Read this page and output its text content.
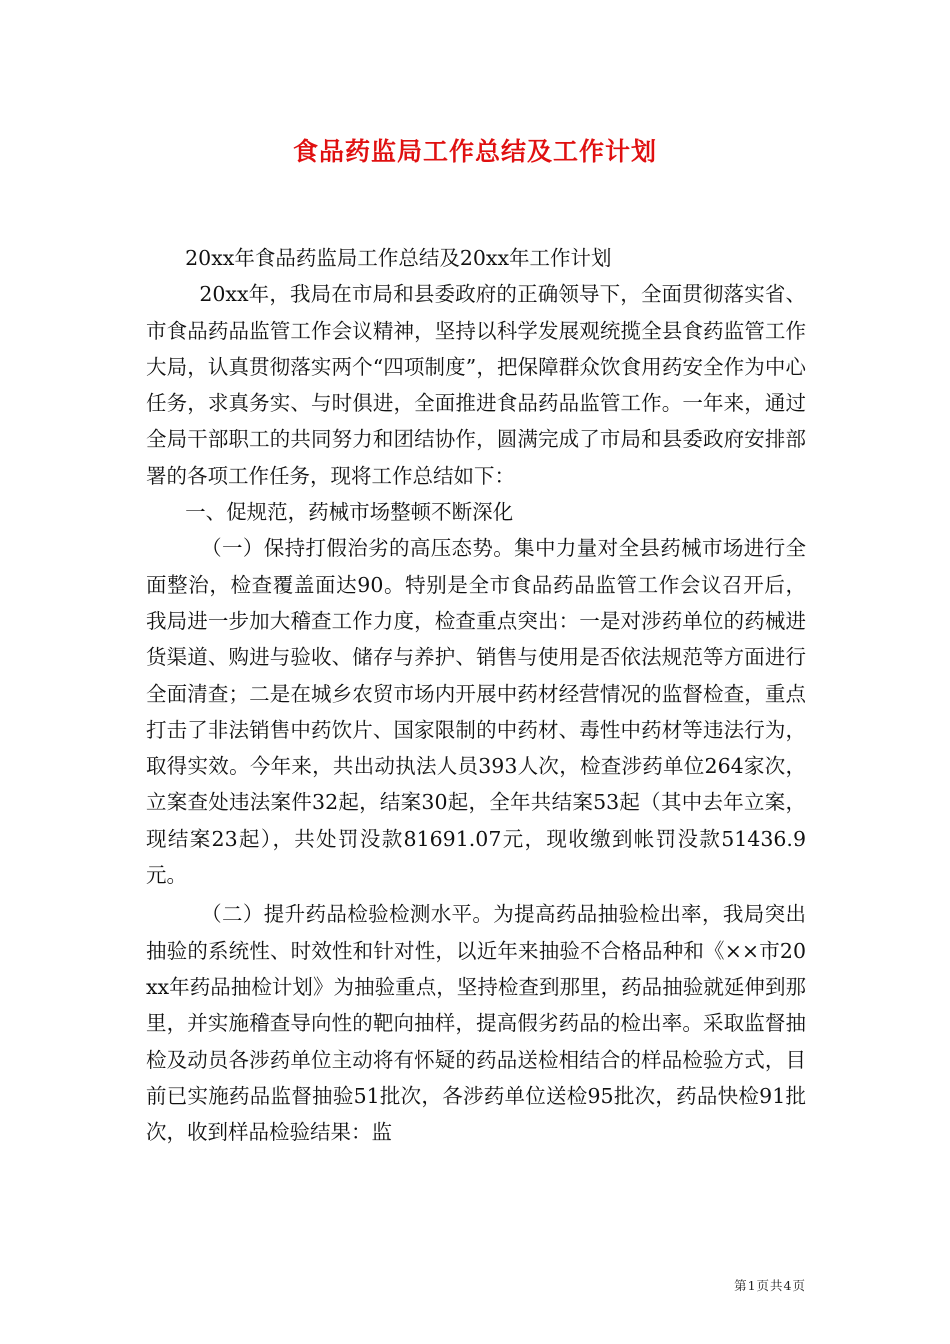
食品药监局工作总结及工作计划

20xx年食品药监局工作总结及20xx年工作计划

20xx年，我局在市局和县委政府的正确领导下，全面贯彻落实省、市食品药品监管工作会议精神，坚持以科学发展观统揽全县食药监管工作大局，认真贯彻落实两个“四项制度”，把保障群众饮食用药安全作为中心任务，求真务实、与时俱进，全面推进食品药品监管工作。一年来，通过全局干部职工的共同努力和团结协作，圆满完成了市局和县委政府安排部署的各项工作任务，现将工作总结如下：

一、促规范，药械市场整顿不断深化

（一）保持打假治劣的高压态势。集中力量对全县药械市场进行全面整治，检查覆盖面达90。特别是全市食品药品监管工作会议召开后，我局进一步加大稽查工作力度，检查重点突出：一是对涉药单位的药械进货渠道、购进与验收、储存与养护、销售与使用是否依法规范等方面进行全面清查；二是在城乡农贸市场内开展中药材经营情况的监督检查，重点打击了非法销售中药饮片、国家限制的中药材、毒性中药材等违法行为，取得实效。今年来，共出动执法人员393人次，检查涉药单位264家次，立案查处违法案件32起，结案30起，全年共结案53起（其中去年立案，现结案23起），共处罚没款81691.07元，现收缴到帐罚没款51436.9元。

（二）提升药品检验检测水平。为提高药品抽验检出率，我局突出抽验的系统性、时效性和针对性，以近年来抽验不合格品种和《××市20xx年药品抽检计划》为抽验重点，坚持检查到那里，药品抽验就延伸到那里，并实施稽查导向性的靶向抽样，提高假劣药品的检出率。采取监督抽检及动员各涉药单位主动将有怀疑的药品送检相结合的样品检验方式，目前已实施药品监督抽验51批次，各涉药单位送检95批次，药品快检91批次，收到样品检验结果：监

第1页共4页
